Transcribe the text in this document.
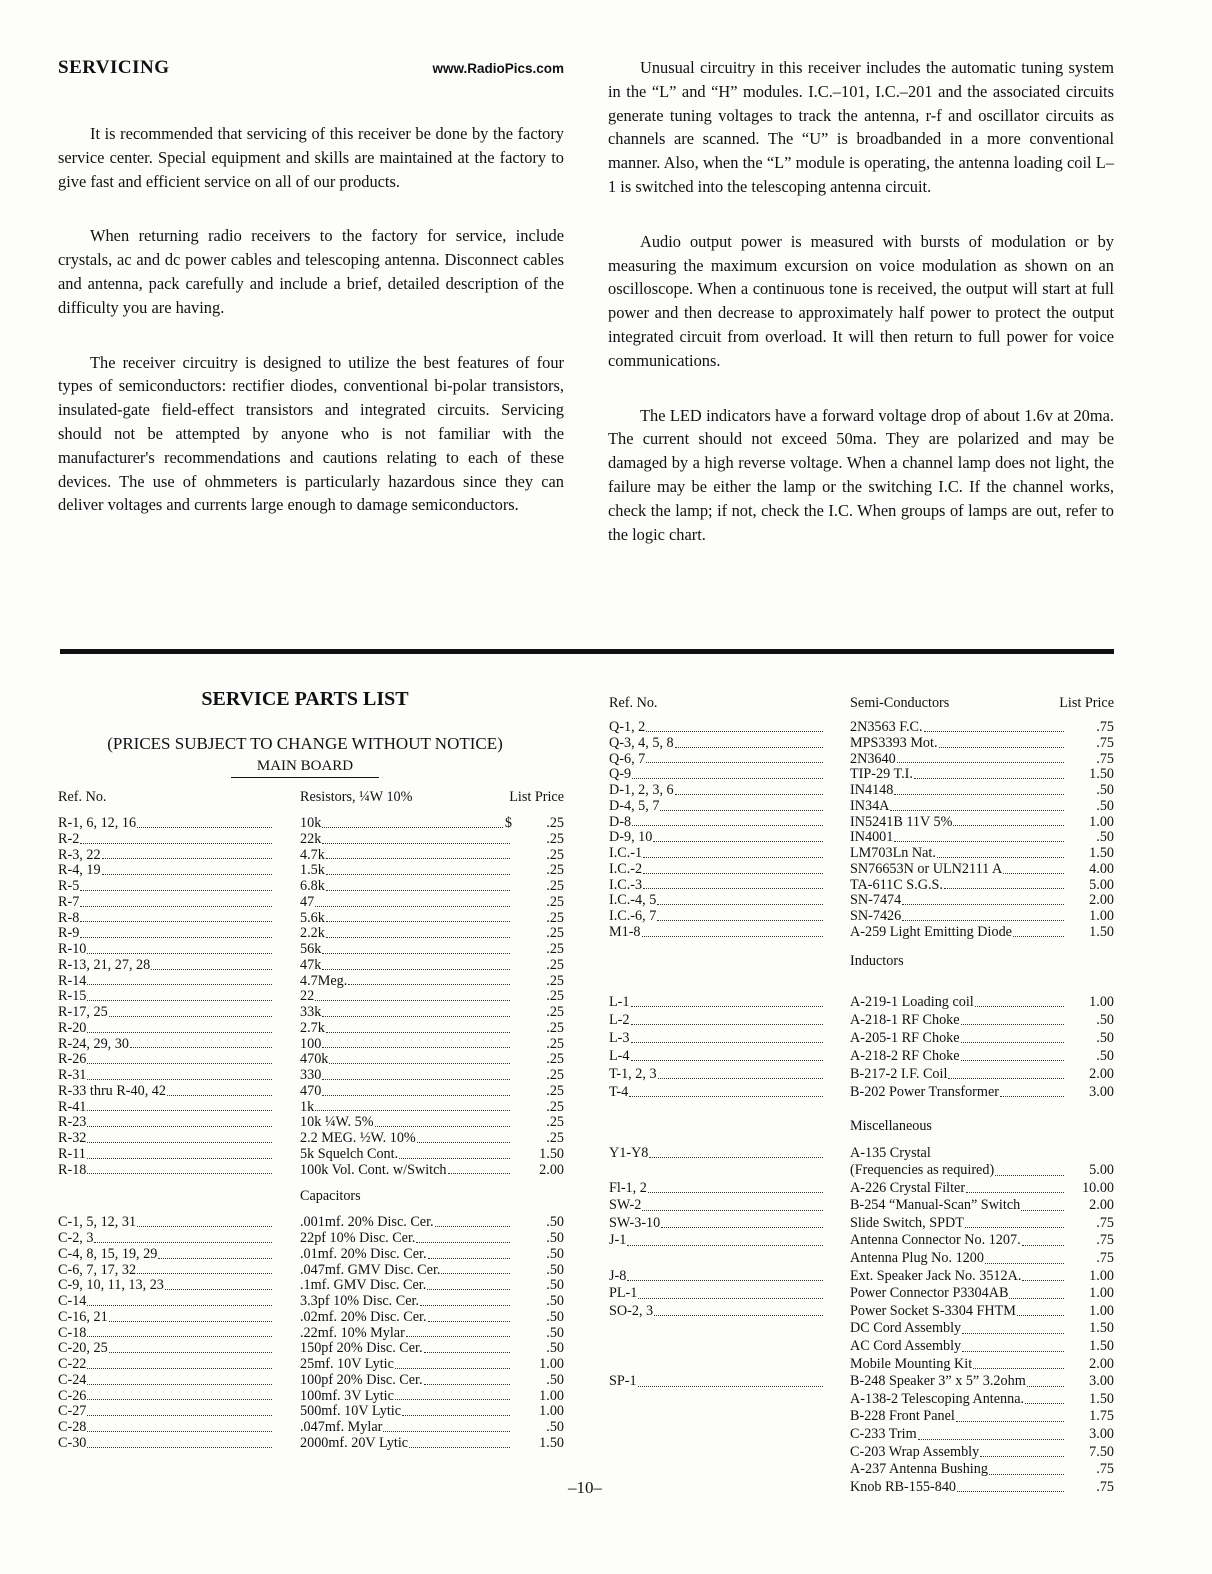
SERVICING	www.RadioPics.com

It is recommended that servicing of this receiver be done by the factory service center. Special equipment and skills are maintained at the factory to give fast and efficient service on all of our products.

When returning radio receivers to the factory for service, include crystals, ac and dc power cables and telescoping antenna. Disconnect cables and antenna, pack carefully and include a brief, detailed description of the difficulty you are having.

The receiver circuitry is designed to utilize the best features of four types of semiconductors: rectifier diodes, conventional bi-polar transistors, insulated-gate field-effect transistors and integrated circuits. Servicing should not be attempted by anyone who is not familiar with the manufacturer's recommendations and cautions relating to each of these devices. The use of ohmmeters is particularly hazardous since they can deliver voltages and currents large enough to damage semiconductors.

Unusual circuitry in this receiver includes the automatic tuning system in the “L” and “H” modules. I.C.–101, I.C.–201 and the associated circuits generate tuning voltages to track the antenna, r-f and oscillator circuits as channels are scanned. The “U” is broadbanded in a more conventional manner. Also, when the “L” module is operating, the antenna loading coil L–1 is switched into the telescoping antenna circuit.

Audio output power is measured with bursts of modulation or by measuring the maximum excursion on voice modulation as shown on an oscilloscope. When a continuous tone is received, the output will start at full power and then decrease to approximately half power to protect the output integrated circuit from overload. It will then return to full power for voice communications.

The LED indicators have a forward voltage drop of about 1.6v at 20ma. The current should not exceed 50ma. They are polarized and may be damaged by a high reverse voltage. When a channel lamp does not light, the failure may be either the lamp or the switching I.C. If the channel works, check the lamp; if not, check the I.C. When groups of lamps are out, refer to the logic chart.

SERVICE PARTS LIST
(PRICES SUBJECT TO CHANGE WITHOUT NOTICE)
MAIN BOARD
Ref. No.	Resistors, ¼W 10%	List Price
R-1, 6, 12, 16	10k	$	.25
R-2	22k	.25
R-3, 22	4.7k	.25
R-4, 19	1.5k	.25
R-5	6.8k	.25
R-7	47	.25
R-8	5.6k	.25
R-9	2.2k	.25
R-10	56k	.25
R-13, 21, 27, 28	47k	.25
R-14	4.7Meg.	.25
R-15	22	.25
R-17, 25	33k	.25
R-20	2.7k	.25
R-24, 29, 30	100	.25
R-26	470k	.25
R-31	330	.25
R-33 thru R-40, 42	470	.25
R-41	1k	.25
R-23	10k ¼W. 5%	.25
R-32	2.2 MEG. ½W. 10%	.25
R-11	5k Squelch Cont.	1.50
R-18	100k Vol. Cont. w/Switch	2.00
Capacitors
C-1, 5, 12, 31	.001mf. 20% Disc. Cer.	.50
C-2, 3	22pf 10% Disc. Cer.	.50
C-4, 8, 15, 19, 29	.01mf. 20% Disc. Cer.	.50
C-6, 7, 17, 32	.047mf. GMV Disc. Cer.	.50
C-9, 10, 11, 13, 23	.1mf. GMV Disc. Cer.	.50
C-14	3.3pf 10% Disc. Cer.	.50
C-16, 21	.02mf. 20% Disc. Cer.	.50
C-18	.22mf. 10% Mylar	.50
C-20, 25	150pf 20% Disc. Cer.	.50
C-22	25mf. 10V Lytic	1.00
C-24	100pf 20% Disc. Cer.	.50
C-26	100mf. 3V Lytic	1.00
C-27	500mf. 10V Lytic	1.00
C-28	.047mf. Mylar	.50
C-30	2000mf. 20V Lytic	1.50
Ref. No.	Semi-Conductors	List Price
Q-1, 2	2N3563 F.C.	.75
Q-3, 4, 5, 8	MPS3393 Mot.	.75
Q-6, 7	2N3640	.75
Q-9	TIP-29 T.I.	1.50
D-1, 2, 3, 6	IN4148	.50
D-4, 5, 7	IN34A	.50
D-8	IN5241B 11V 5%	1.00
D-9, 10	IN4001	.50
I.C.-1	LM703Ln Nat.	1.50
I.C.-2	SN76653N or ULN2111 A	4.00
I.C.-3	TA-611C S.G.S.	5.00
I.C.-4, 5	SN-7474	2.00
I.C.-6, 7	SN-7426	1.00
M1-8	A-259 Light Emitting Diode	1.50
Inductors
L-1	A-219-1 Loading coil	1.00
L-2	A-218-1 RF Choke	.50
L-3	A-205-1 RF Choke	.50
L-4	A-218-2 RF Choke	.50
T-1, 2, 3	B-217-2 I.F. Coil	2.00
T-4	B-202 Power Transformer	3.00
Miscellaneous
Y1-Y8	A-135 Crystal
(Frequencies as required)	5.00
Fl-1, 2	A-226 Crystal Filter	10.00
SW-2	B-254 “Manual-Scan” Switch	2.00
SW-3-10	Slide Switch, SPDT	.75
J-1	Antenna Connector No. 1207.	.75
Antenna Plug No. 1200	.75
J-8	Ext. Speaker Jack No. 3512A.	1.00
PL-1	Power Connector P3304AB	1.00
SO-2, 3	Power Socket S-3304 FHTM	1.00
DC Cord Assembly	1.50
AC Cord Assembly	1.50
Mobile Mounting Kit	2.00
SP-1	B-248 Speaker 3” x 5” 3.2ohm	3.00
A-138-2 Telescoping Antenna.	1.50
B-228 Front Panel	1.75
C-233 Trim	3.00
C-203 Wrap Assembly	7.50
A-237 Antenna Bushing	.75
Knob RB-155-840	.75
–10–
